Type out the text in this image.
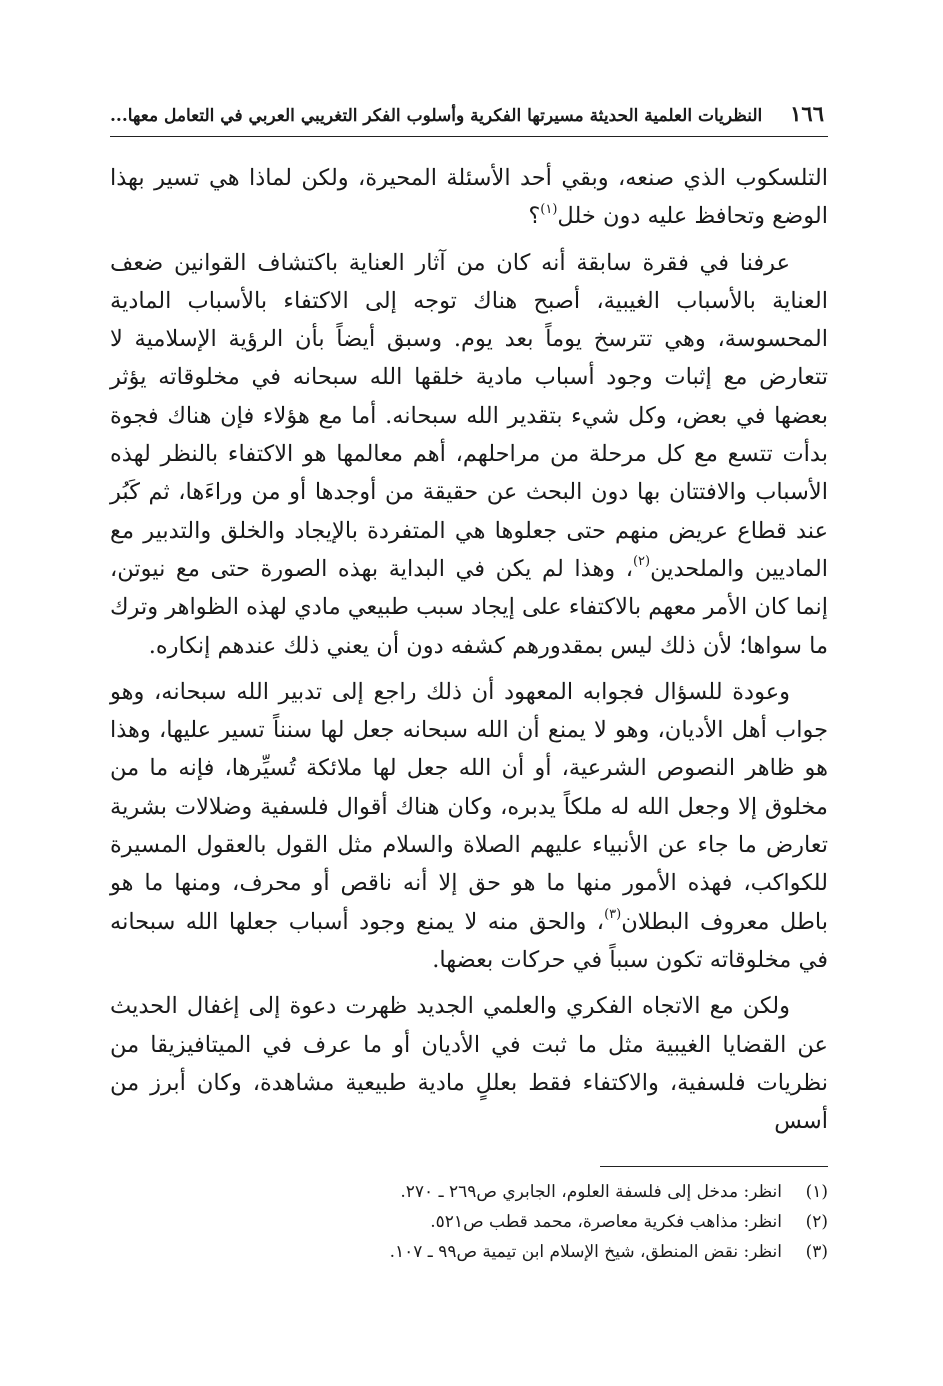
١٦٦
النظريات العلمية الحديثة مسيرتها الفكرية وأسلوب الفكر التغريبي العربي في التعامل معها...

التلسكوب الذي صنعه، وبقي أحد الأسئلة المحيرة، ولكن لماذا هي تسير بهذا الوضع وتحافظ عليه دون خلل$^{(١)}$؟

عرفنا في فقرة سابقة أنه كان من آثار العناية باكتشاف القوانين ضعف العناية بالأسباب الغيبية، أصبح هناك توجه إلى الاكتفاء بالأسباب المادية المحسوسة، وهي تترسخ يوماً بعد يوم. وسبق أيضاً بأن الرؤية الإسلامية لا تتعارض مع إثبات وجود أسباب مادية خلقها الله سبحانه في مخلوقاته يؤثر بعضها في بعض، وكل شيء بتقدير الله سبحانه. أما مع هؤلاء فإن هناك فجوة بدأت تتسع مع كل مرحلة من مراحلهم، أهم معالمها هو الاكتفاء بالنظر لهذه الأسباب والافتتان بها دون البحث عن حقيقة من أوجدها أو من وراءَها، ثم كَبُر عند قطاع عريض منهم حتى جعلوها هي المتفردة بالإيجاد والخلق والتدبير مع الماديين والملحدين$^{(٢)}$، وهذا لم يكن في البداية بهذه الصورة حتى مع نيوتن، إنما كان الأمر معهم بالاكتفاء على إيجاد سبب طبيعي مادي لهذه الظواهر وترك ما سواها؛ لأن ذلك ليس بمقدورهم كشفه دون أن يعني ذلك عندهم إنكاره.

وعودة للسؤال فجوابه المعهود أن ذلك راجع إلى تدبير الله سبحانه، وهو جواب أهل الأديان، وهو لا يمنع أن الله سبحانه جعل لها سنناً تسير عليها، وهذا هو ظاهر النصوص الشرعية، أو أن الله جعل لها ملائكة تُسيِّرها، فإنه ما من مخلوق إلا وجعل الله له ملكاً يدبره، وكان هناك أقوال فلسفية وضلالات بشرية تعارض ما جاء عن الأنبياء عليهم الصلاة والسلام مثل القول بالعقول المسيرة للكواكب، فهذه الأمور منها ما هو حق إلا أنه ناقص أو محرف، ومنها ما هو باطل معروف البطلان$^{(٣)}$، والحق منه لا يمنع وجود أسباب جعلها الله سبحانه في مخلوقاته تكون سبباً في حركات بعضها.

ولكن مع الاتجاه الفكري والعلمي الجديد ظهرت دعوة إلى إغفال الحديث عن القضايا الغيبية مثل ما ثبت في الأديان أو ما عرف في الميتافيزيقا من نظريات فلسفية، والاكتفاء فقط بعللٍ مادية طبيعية مشاهدة، وكان أبرز من أسس

(١)
انظر: مدخل إلى فلسفة العلوم، الجابري ص٢٦٩ ـ ٢٧٠.
(٢)
انظر: مذاهب فكرية معاصرة، محمد قطب ص٥٢١.
(٣)
انظر: نقض المنطق، شيخ الإسلام ابن تيمية ص٩٩ ـ ١٠٧.
